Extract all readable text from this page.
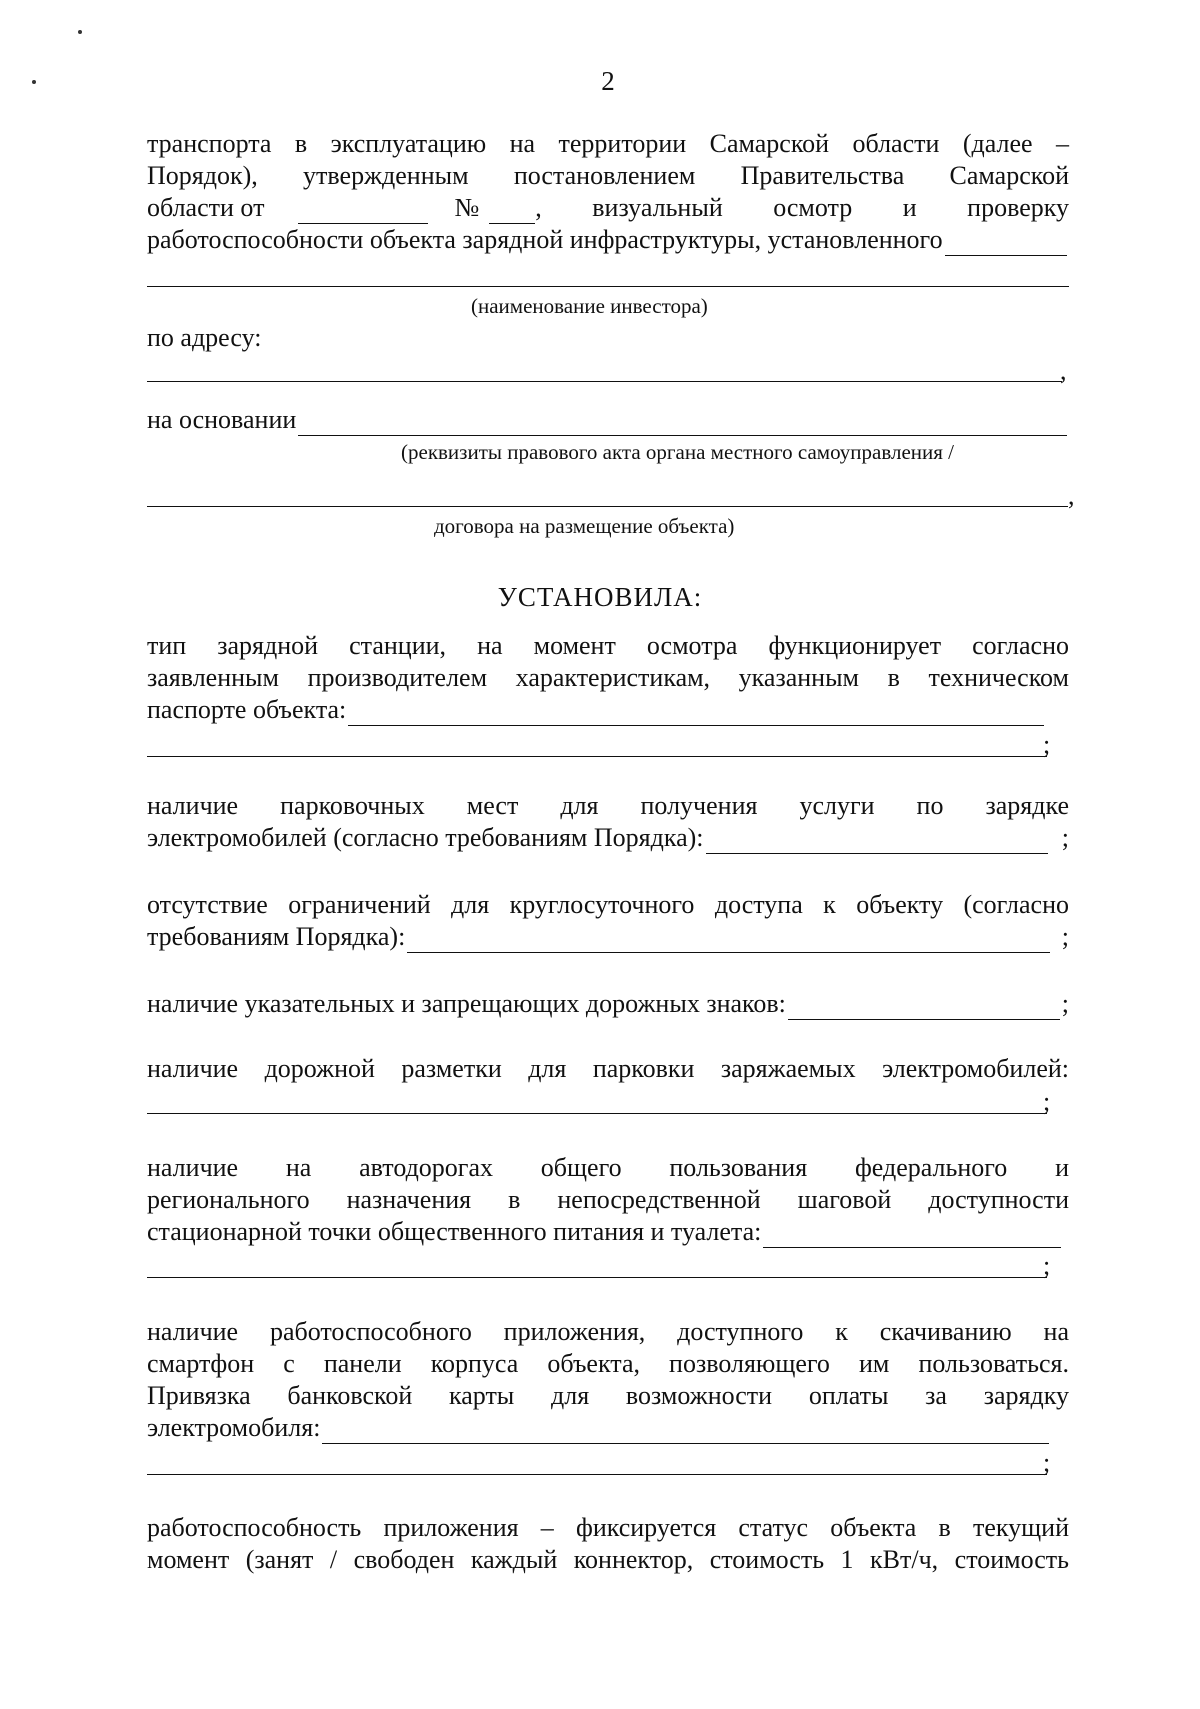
2
транспорта в эксплуатацию на территории Самарской области (далее –
Порядок), утвержденным постановлением Правительства Самарской
области от	№ , визуальный осмотр и проверку
работоспособности объекта зарядной инфраструктуры, установленного
(наименование инвестора)
по адресу:
,
на основании
(реквизиты правового акта органа местного самоуправления /
,
договора на размещение объекта)
УСТАНОВИЛА:
тип зарядной станции, на момент осмотра функционирует согласно
заявленным производителем характеристикам, указанным в техническом
паспорте объекта:
;
наличие парковочных мест для получения услуги по зарядке
электромобилей (согласно требованиям Порядка):	;
отсутствие ограничений для круглосуточного доступа к объекту (согласно
требованиям Порядка):	;
наличие указательных и запрещающих дорожных знаков:	;
наличие дорожной разметки для парковки заряжаемых электромобилей:
;
наличие на автодорогах общего пользования федерального и
регионального назначения в непосредственной шаговой доступности
стационарной точки общественного питания и туалета:
;
наличие работоспособного приложения, доступного к скачиванию на
смартфон с панели корпуса объекта, позволяющего им пользоваться.
Привязка банковской карты для возможности оплаты за зарядку
электромобиля:
;
работоспособность приложения – фиксируется статус объекта в текущий
момент (занят / свободен каждый коннектор, стоимость 1 кВт/ч, стоимость
